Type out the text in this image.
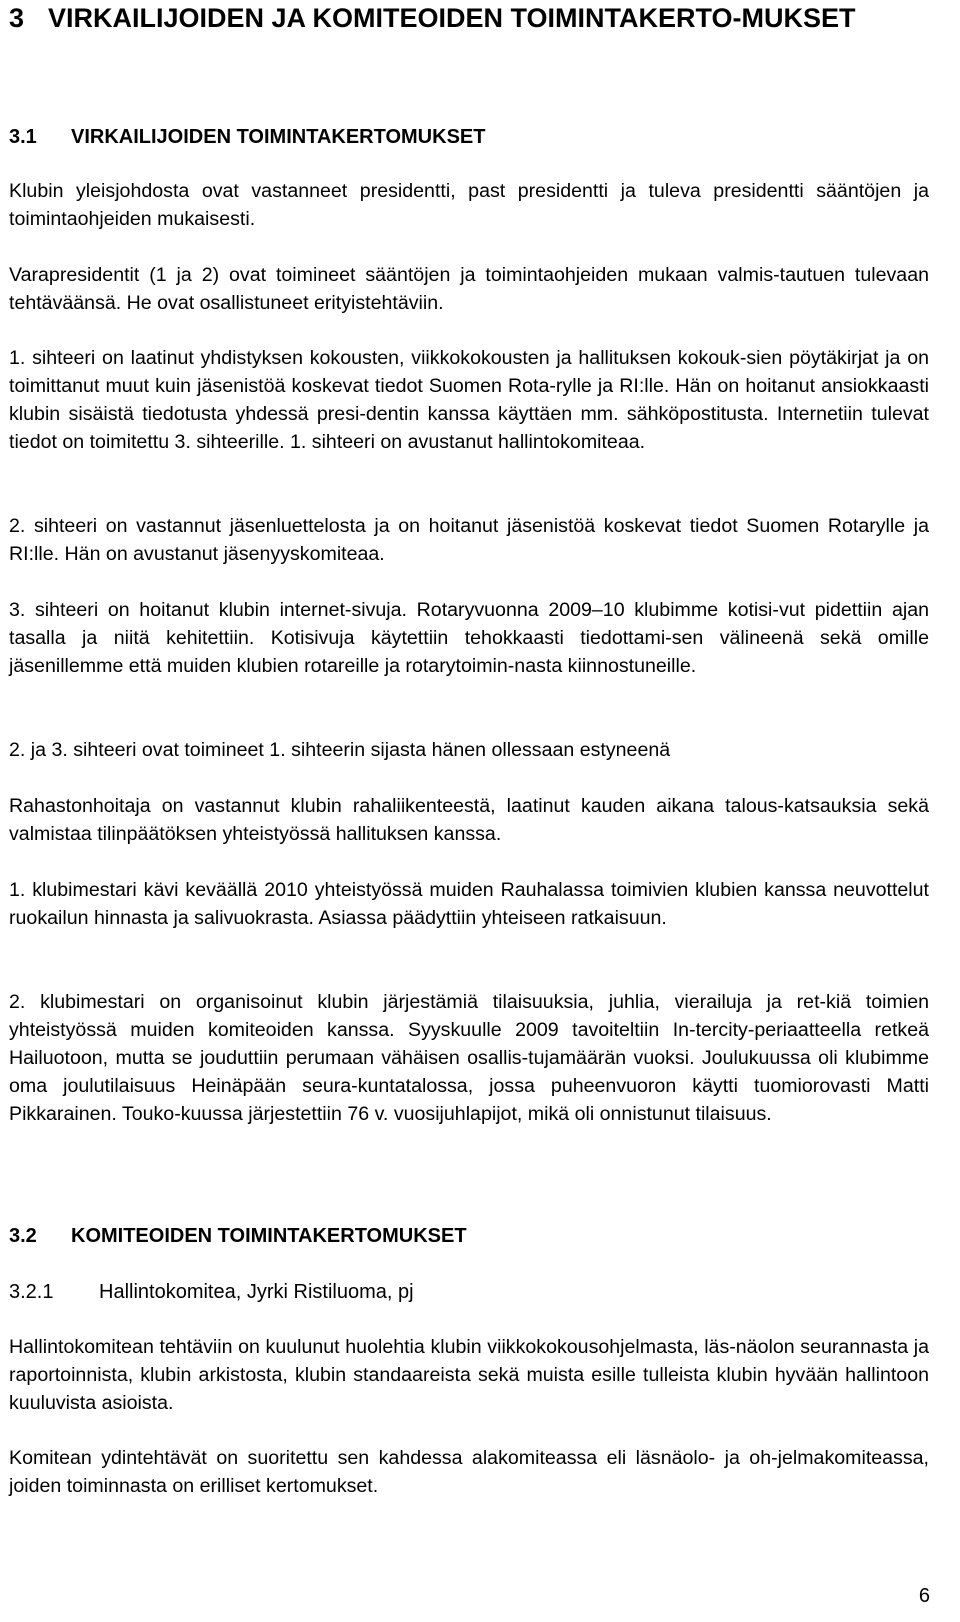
3 VIRKAILIJOIDEN JA KOMITEOIDEN TOIMINTAKERTO-MUKSET
3.1 VIRKAILIJOIDEN TOIMINTAKERTOMUKSET

Klubin yleisjohdosta ovat vastanneet presidentti, past presidentti ja tuleva presidentti sääntöjen ja toimintaohjeiden mukaisesti.

Varapresidentit (1 ja 2) ovat toimineet sääntöjen ja toimintaohjeiden mukaan valmis-tautuen tulevaan tehtäväänsä. He ovat osallistuneet erityistehtäviin.

1. sihteeri on laatinut yhdistyksen kokousten, viikkokokousten ja hallituksen kokouk-sien pöytäkirjat ja on toimittanut muut kuin jäsenistöä koskevat tiedot Suomen Rota-rylle ja RI:lle. Hän on hoitanut ansiokkaasti klubin sisäistä tiedotusta yhdessä presi-dentin kanssa käyttäen mm. sähköpostitusta. Internetiin tulevat tiedot on toimitettu 3. sihteerille. 1. sihteeri on avustanut hallintokomiteaa.

2. sihteeri on vastannut jäsenluettelosta ja on hoitanut jäsenistöä koskevat tiedot Suomen Rotarylle ja RI:lle. Hän on avustanut jäsenyyskomiteaa.

3. sihteeri on hoitanut klubin internet-sivuja. Rotaryvuonna 2009–10 klubimme kotisi-vut pidettiin ajan tasalla ja niitä kehitettiin. Kotisivuja käytettiin tehokkaasti tiedottami-sen välineenä sekä omille jäsenillemme että muiden klubien rotareille ja rotarytoimin-nasta kiinnostuneille.

2. ja 3. sihteeri ovat toimineet 1. sihteerin sijasta hänen ollessaan estyneenä

Rahastonhoitaja on vastannut klubin rahaliikenteestä, laatinut kauden aikana talous-katsauksia sekä valmistaa tilinpäätöksen yhteistyössä hallituksen kanssa.

1. klubimestari kävi keväällä 2010 yhteistyössä muiden Rauhalassa toimivien klubien kanssa neuvottelut ruokailun hinnasta ja salivuokrasta. Asiassa päädyttiin yhteiseen ratkaisuun.

2. klubimestari on organisoinut klubin järjestämiä tilaisuuksia, juhlia, vierailuja ja ret-kiä toimien yhteistyössä muiden komiteoiden kanssa. Syyskuulle 2009 tavoiteltiin In-tercity-periaatteella retkeä Hailuotoon, mutta se jouduttiin perumaan vähäisen osallis-tujamäärän vuoksi. Joulukuussa oli klubimme oma joulutilaisuus Heinäpään seura-kuntatalossa, jossa puheenvuoron käytti tuomiorovasti Matti Pikkarainen. Touko-kuussa järjestettiin 76 v. vuosijuhlapijot, mikä oli onnistunut tilaisuus.

3.2 KOMITEOIDEN TOIMINTAKERTOMUKSET
3.2.1 Hallintokomitea, Jyrki Ristiluoma, pj

Hallintokomitean tehtäviin on kuulunut huolehtia klubin viikkokokousohjelmasta, läs-näolon seurannasta ja raportoinnista, klubin arkistosta, klubin standaareista sekä muista esille tulleista klubin hyvään hallintoon kuuluvista asioista.

Komitean ydintehtävät on suoritettu sen kahdessa alakomiteassa eli läsnäolo- ja oh-jelmakomiteassa, joiden toiminnasta on erilliset kertomukset.

6
